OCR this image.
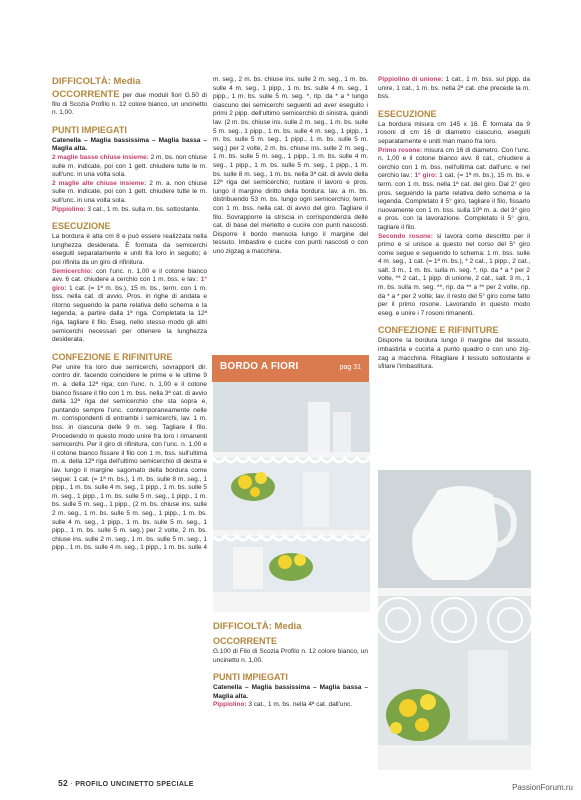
DIFFICOLTÀ: Media

OCCORRENTE per due moduli fiori G.50 di filo di Scozia Profilo n. 12 colore bianco, un uncinetto n. 1,00.

PUNTI IMPIEGATI

Catenella – Maglia bassissima – Maglia bassa – Maglia alta.

2 maglie basse chiuse insieme: 2 m. bs. non chiuse sulle m. indicate, poi con 1 gett. chiudere tutte le m. sull'unc. in una volta sola.

2 maglie alte chiuse insieme: 2 m. a. non chiuse sulle m. indicate, poi con 1 gett. chiudere tutte le m. sull'unc. in una volta sola.

Pippiolino: 3 cat., 1 m. bs. sulla m. bs. sottostante.

ESECUZIONE

La bordura è alta cm 8 e può essere realizzata nella lunghezza desiderata. È formata da semicerchi eseguiti separatamente e uniti fra loro in seguito; è poi rifinita da un giro di rifinitura.

Semicerchio: con l'unc. n. 1,00 e il cotone bianco avv. 6 cat. chiudere a cerchio con 1 m. bss. e lav.: 1° giro: 1 cat. (= 1ª m. bs.), 15 m. bs., term. con 1 m. bss. nella cat. di avvio. Pros. in righe di andata e ritorno seguendo la parte relativa dello schema e la legenda, a partire dalla 1ª riga. Completata la 12ª riga, tagliare il filo. Eseg. nello stesso modo gli altri semicerchi necessari per ottenere la lunghezza desiderata.

CONFEZIONE E RIFINITURE

Per unire fra loro due semicerchi, sovrapporli dir. contro dir. facendo coincidere le prime e le ultime 9 m. a. della 12ª riga; con l'unc. n. 1,00 e il cotone bianco fissare il filo con 1 m. bss. nella 3ª cat. di avvio della 12ª riga del semicerchio che sta sopra e, puntando sempre l'unc. contemporaneamente nelle m. corrispondenti di entrambi i semicerchi, lav. 1 m. bss. in ciascuna delle 9 m. seg. Tagliare il filo. Procedendo in questo modo unire fra loro i rimanenti semicerchi. Per il giro di rifinitura, con l'unc. n. 1,00 e il cotone bianco fissare il filo con 1 m. bss. sull'ultima m. a. della 12ª riga dell'ultimo semicerchio di destra e lav. lungo il margine sagomato della bordura come segue: 1 cat. (= 1ª m. bs.), 1 m. bs. sulle 8 m. seg., 1 pipp., 1 m. bs. sulle 4 m. seg., 1 pipp., 1 m. bs. sulle 5 m. seg., 1 pipp., 1 m. bs. sulle 5 m. seg., 1 pipp., 1 m. bs. sulle 5 m. seg., 1 pipp., (2 m. bs. chiuse ins. sulle 2 m. seg., 1 m. bs. sulle 5 m. seg., 1 pipp., 1 m. bs. sulle 4 m. seg., 1 pipp., 1 m. bs. sulle 5 m. seg., 1 pipp., 1 m. bs. sulle 5 m. seg.) per 2 volte, 2 m. bs. chiuse ins. sulle 2 m. seg., 1 m. bs. sulle 5 m. seg., 1 pipp., 1 m. bs. sulle 4 m. seg., 1 pipp., 1 m. bs. sulle 4

m. seg., 2 m. bs. chiuse ins. sulle 2 m. seg., 1 m. bs. sulle 4 m. seg., 1 pipp., 1 m. bs. sulle 4 m. seg., 1 pipp., 1 m. bs. sulle 5 m. seg. *, rip. da * a * lungo ciascuno dei semicerchi seguenti ad aver eseguito i primi 2 pipp. dell'ultimo semicerchio di sinistra, quindi lav. (2 m. bs. chiuse ins. sulle 2 m. seg., 1 m. bs. sulle 5 m. seg., 1 pipp., 1 m. bs. sulle 4 m. seg., 1 pipp., 1 m. bs. sulle 5 m. seg., 1 pipp., 1 m. bs. sulle 5 m. seg.) per 2 volte, 2 m. bs. chiuse ins. sulle 2 m. seg., 1 m. bs. sulle 5 m. seg., 1 pipp., 1 m. bs. sulle 4 m. seg., 1 pipp., 1 m. bs. sulle 5 m. seg., 1 pipp., 1 m. bs. sulle 8 m. seg., 1 m. bs. nella 3ª cat. di avvio della 12ª riga del semicerchio; ruotare il lavoro e pros. lungo il margine diritto della bordura: lav. a m. bs. distribuendo 53 m. bs. lungo ogni semicerchio; term. con 1 m. bss. nella cat. di avvio del giro. Tagliare il filo. Sovrapporre la striscia in corrispondenza delle cat. di base del merletto e cucire con punti nascosti. Disporre il bordo mensola lungo il margine del tessuto. Imbastire e cucire con punti nascosti o con uno zigzag a macchina.

BORDO A FIORI	pag 31
DIFFICOLTÀ: Media
OCCORRENTE

G.100 di Filo di Scozia Profilo n. 12 colore bianco, un uncinetto n. 1,00.

PUNTI IMPIEGATI

Catenella – Maglia bassissima – Maglia bassa – Maglia alta.

Pippiolino: 3 cat., 1 m. bs. nella 4ª cat. dall'unc.

Pippiolino di unione: 1 cat., 1 m. bss. sul pipp. da unire, 1 cat., 1 m. bs. nella 2ª cat. che precede la m. bss.

ESECUZIONE

La bordura misura cm 145 x 16. È formata da 9 rosoni di cm 16 di diametro ciascuno, eseguiti separatamente e uniti man mano fra loro.

Primo rosone: misura cm 16 di diametro. Con l'unc. n. 1,00 e il cotone bianco avv. 8 cat., chiudere a cerchio con 1 m. bss. nell'ultima cat. dall'unc. e nel cerchio lav.: 1° giro: 1 cat. (= 1ª m. bs.), 15 m. bs. e term. con 1 m. bss. nella 1ª cat. del giro. Dal 2° giro pros. seguendo la parte relativa dello schema e la legenda. Completato il 5° giro, tagliare il filo, fissarlo nuovamente con 1 m. bss. sulla 10ª m. a. del 3° giro e pros. con la lavorazione. Completato il 5° giro, tagliare il filo.

Secondo rosone: si lavora come descritto per il primo e si unisce a questo nel corso del 5° giro come segue e seguendo lo schema: 1 m. bss. sulle 4 m. seg., 1 cat. (= 1ª m. bs.), * 2 cat., 1 pipp., 2 cat., salt. 3 m., 1 m. bs. sulla m. seg. *, rip. da * a * per 2 volte, ** 2 cat., 1 pipp. di unione, 2 cat., salt. 3 m., 1 m. bs. sulla m. seg. **, rip. da ** a ** per 2 volte, rip. da * a * per 2 volte; lav. il resto del 5° giro come fatto per il primo rosone. Lavorando in questo modo eseg. e unire i 7 rosoni rimanenti.

CONFEZIONE E RIFINITURE

Disporre la bordura lungo il margine del tessuto, imbastirla e cucirla a punto quadro o con uno zig-zag a macchina. Ritagliare il tessuto sottostante e sfilare l'imbastitura.

52 · PROFILO UNCINETTO SPECIALE	PassionForum.ru
